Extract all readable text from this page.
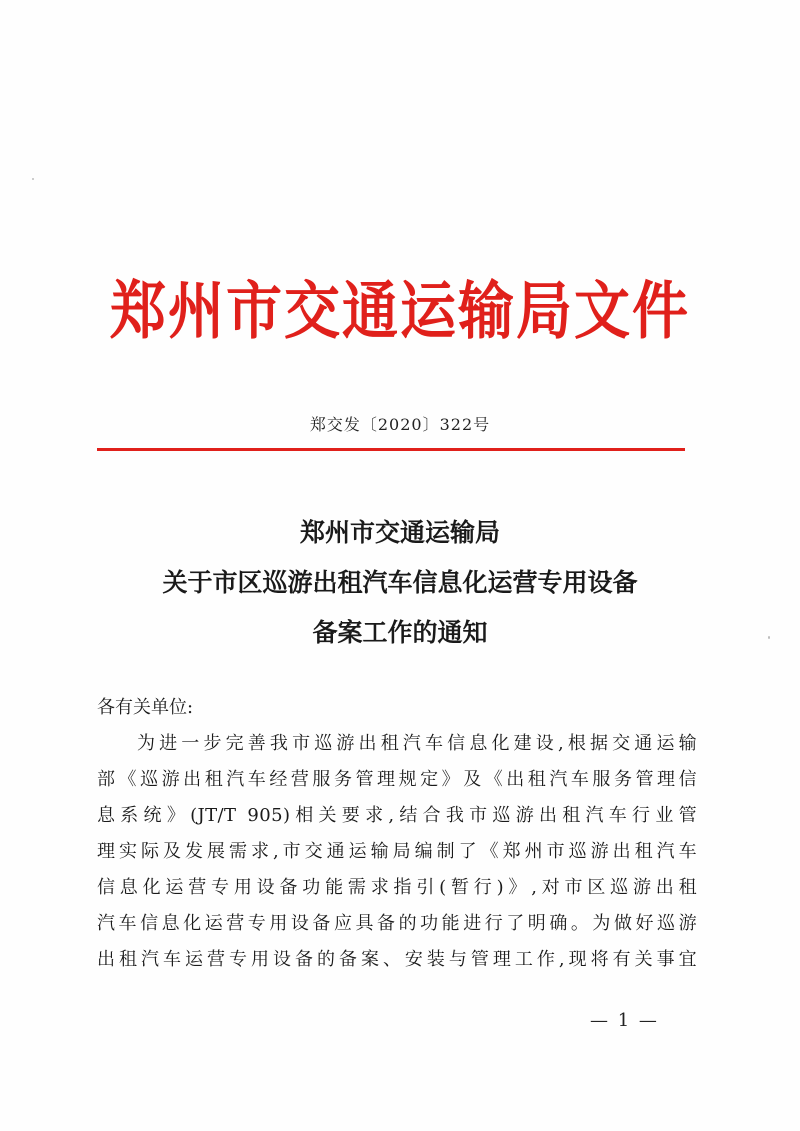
郑州市交通运输局文件
郑交发〔2020〕322号
郑州市交通运输局
关于市区巡游出租汽车信息化运营专用设备
备案工作的通知
各有关单位:
为进一步完善我市巡游出租汽车信息化建设,根据交通运输
部《巡游出租汽车经营服务管理规定》及《出租汽车服务管理信
息系统》(JT/T 905)相关要求,结合我市巡游出租汽车行业管
理实际及发展需求,市交通运输局编制了《郑州市巡游出租汽车
信息化运营专用设备功能需求指引(暂行)》,对市区巡游出租
汽车信息化运营专用设备应具备的功能进行了明确。为做好巡游
出租汽车运营专用设备的备案、安装与管理工作,现将有关事宜
— 1 —
